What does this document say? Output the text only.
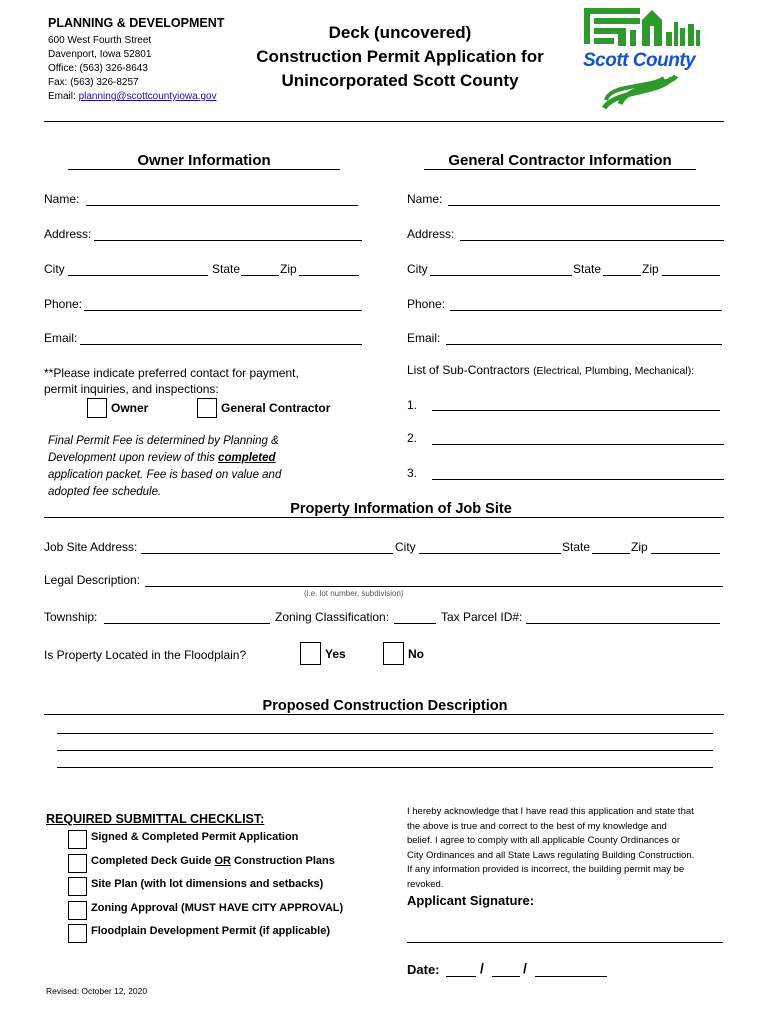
PLANNING & DEVELOPMENT
600 West Fourth Street
Davenport, Iowa 52801
Office: (563) 326-8643
Fax: (563) 326-8257
Email: planning@scottcountyiowa.gov
Deck (uncovered)
Construction Permit Application for
Unincorporated Scott County
Scott County
Owner Information	General Contractor Information
Name:
Address:
City	State	Zip
Phone:
Email:
**Please indicate preferred contact for payment,
permit inquiries, and inspections:
Owner	General Contractor
Final Permit Fee is determined by Planning &
Development upon review of this completed
application packet. Fee is based on value and
adopted fee schedule.
Name:
Address:
City	State	Zip
Phone:
Email:
List of Sub-Contractors (Electrical, Plumbing, Mechanical):
1.
2.
3.
Property Information of Job Site
Job Site Address:	City	State	Zip
Legal Description:
(i.e. lot number, subdivision)
Township:	Zoning Classification:	Tax Parcel ID#:
Is Property Located in the Floodplain?	Yes	No
Proposed Construction Description
REQUIRED SUBMITTAL CHECKLIST:
Signed & Completed Permit Application
Completed Deck Guide OR Construction Plans
Site Plan (with lot dimensions and setbacks)
Zoning Approval (MUST HAVE CITY APPROVAL)
Floodplain Development Permit (if applicable)
I hereby acknowledge that I have read this application and state that
the above is true and correct to the best of my knowledge and
belief. I agree to comply with all applicable County Ordinances or
City Ordinances and all State Laws regulating Building Construction.
If any information provided is incorrect, the building permit may be
revoked.
Applicant Signature:
Date:	/	/
Revised: October 12, 2020
